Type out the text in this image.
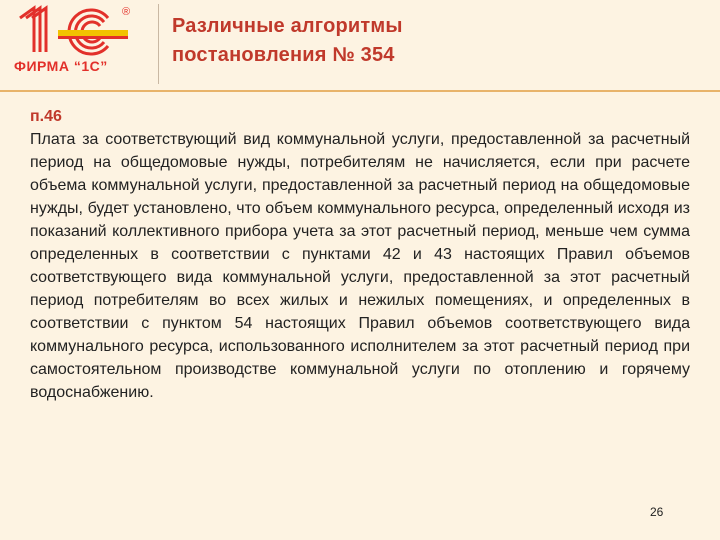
®
ФИРМА “1С”
Различные алгоритмы
постановления № 354
п.46
Плата за соответствующий вид коммунальной услуги, предоставленной за расчетный период на общедомовые нужды, потребителям не начисляется, если при расчете объема коммунальной услуги, предоставленной за расчетный период на общедомовые нужды, будет установлено, что объем коммунального ресурса, определенный исходя из показаний коллективного прибора учета за этот расчетный период, меньше чем сумма определенных в соответствии с пунктами 42 и 43 настоящих Правил объемов соответствующего вида коммунальной услуги, предоставленной за этот расчетный период потребителям во всех жилых и нежилых помещениях, и определенных в соответствии с пунктом 54 настоящих Правил объемов соответствующего вида коммунального ресурса, использованного исполнителем за этот расчетный период при самостоятельном производстве коммунальной услуги по отоплению и горячему водоснабжению.
26
